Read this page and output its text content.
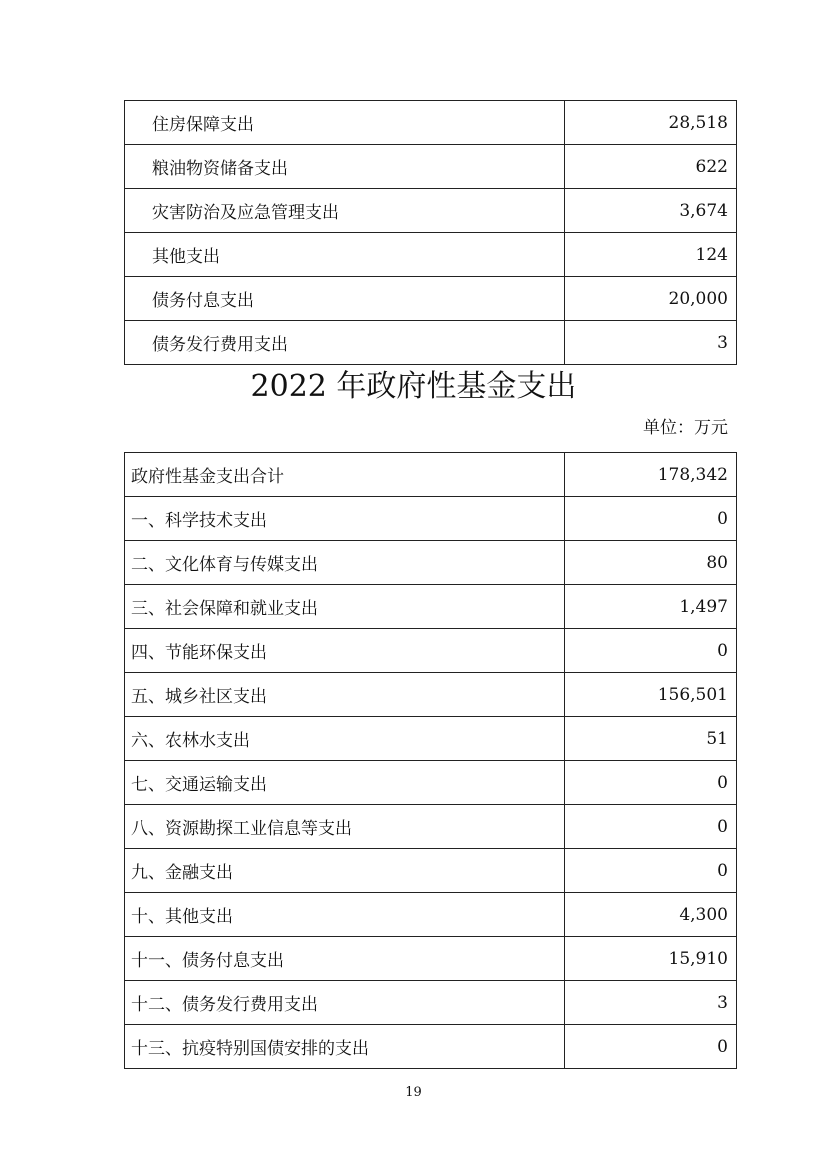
住房保障支出	28,518
粮油物资储备支出	622
灾害防治及应急管理支出	3,674
其他支出	124
债务付息支出	20,000
债务发行费用支出	3
2022 年政府性基金支出
单位：万元
政府性基金支出合计	178,342
一、科学技术支出	0
二、文化体育与传媒支出	80
三、社会保障和就业支出	1,497
四、节能环保支出	0
五、城乡社区支出	156,501
六、农林水支出	51
七、交通运输支出	0
八、资源勘探工业信息等支出	0
九、金融支出	0
十、其他支出	4,300
十一、债务付息支出	15,910
十二、债务发行费用支出	3
十三、抗疫特别国债安排的支出	0
19
